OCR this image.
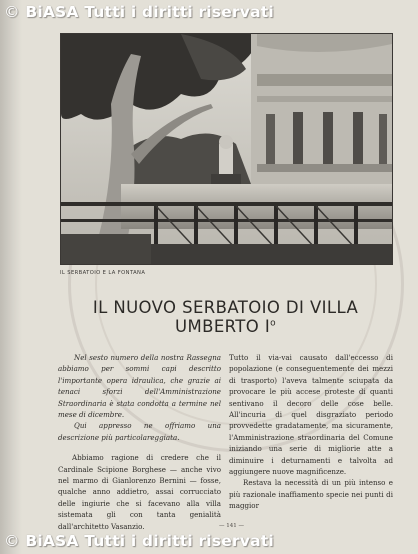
© BiASA Tutti i diritti riservati
IL SERBATOIO E LA FONTANA
IL NUOVO SERBATOIO DI VILLA
UMBERTO $I^o$

Nel sesto numero della nostra Rassegna abbiamo per sommi capi descritto l'importante opera idraulica, che grazie ai tenaci sforzi dell'Amministrazione Straordinaria è stata condotta a termine nel mese di dicembre.

Qui appresso ne offriamo una descrizione più particolareggiata.

Abbiamo ragione di credere che il Cardinale Scipione Borghese — anche vivo nel marmo di Gianlorenzo Bernini — fosse, qualche anno addietro, assai corrucciato delle ingiurie che si facevano alla villa sistemata gli con tanta genialità dall'architetto Vasanzio.

Tutto il via-vai causato dall'eccesso di popolazione (e conseguentemente dei mezzi di trasporto) l'aveva talmente sciupata da provocare le più accese proteste di quanti sentivano il decoro delle cose belle. All'incuria di quel disgraziato periodo provvedette gradatamente, ma sicuramente, l'Amministrazione straordinaria del Comune iniziando una serie di migliorie atte a diminuire i deturnamenti e talvolta ad aggiungere nuove magnificenze.

Restava la necessità di un più intenso e più razionale inaffiamento specie nei punti di maggior

— 141 —
© BiASA Tutti i diritti riservati
